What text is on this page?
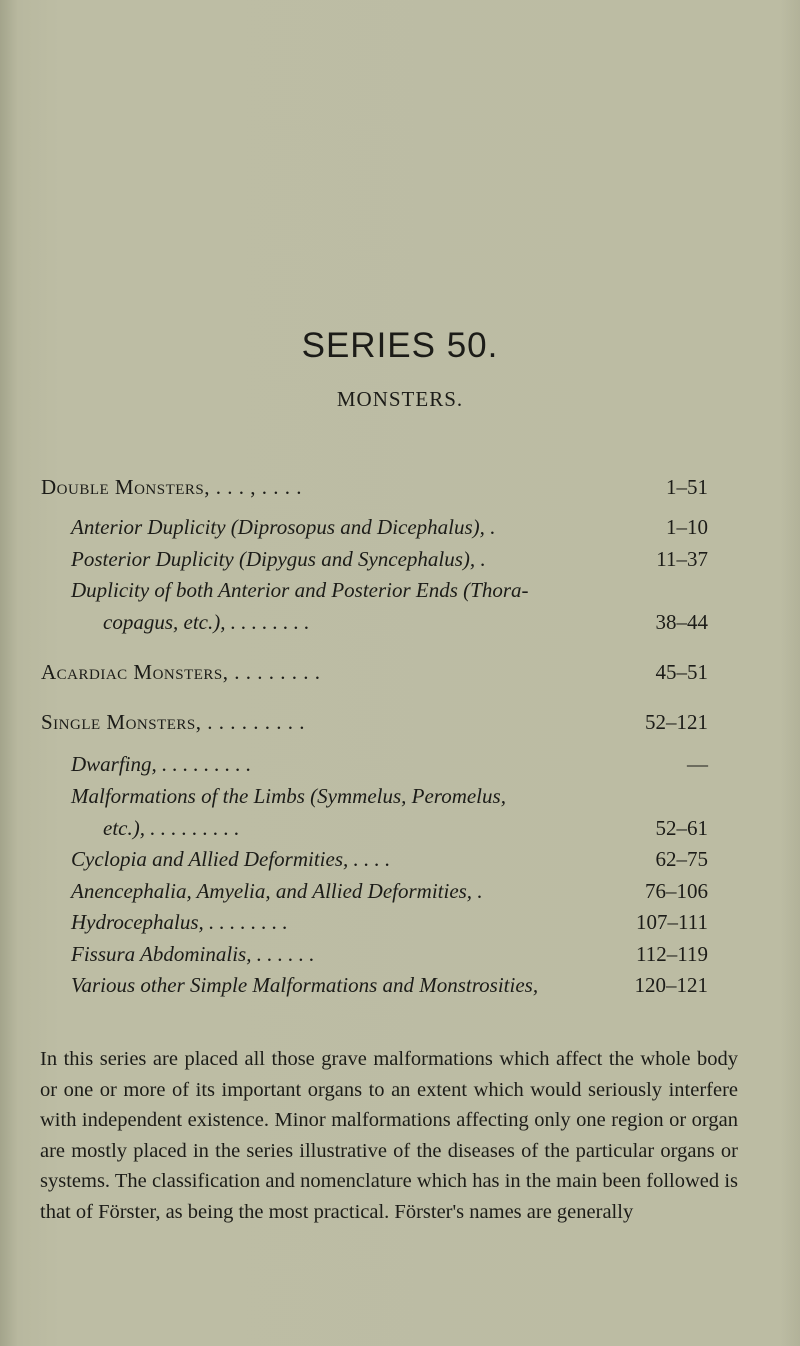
SERIES 50.
MONSTERS.
Double Monsters, . . . , . . . .	1–51
Anterior Duplicity (Diprosopus and Dicephalus), .	1–10
Posterior Duplicity (Dipygus and Syncephalus), .	11–37
Duplicity of both Anterior and Posterior Ends (Thora-
copagus, etc.), . . . . . . . .	38–44
Acardiac Monsters, . . . . . . . .	45–51
Single Monsters, . . . . . . . . .	52–121
Dwarfing, . . . . . . . . .	—
Malformations of the Limbs (Symmelus, Peromelus,
etc.), . . . . . . . . .	52–61
Cyclopia and Allied Deformities, . . . .	62–75
Anencephalia, Amyelia, and Allied Deformities, .	76–106
Hydrocephalus, . . . . . . . .	107–111
Fissura Abdominalis, . . . . . .	112–119
Various other Simple Malformations and Monstrosities,	120–121

In this series are placed all those grave malformations which affect the whole body or one or more of its important organs to an extent which would seriously interfere with independent existence. Minor malformations affecting only one region or organ are mostly placed in the series illustrative of the diseases of the particular organs or systems. The classification and nomenclature which has in the main been followed is that of Förster, as being the most practical. Förster's names are generally
